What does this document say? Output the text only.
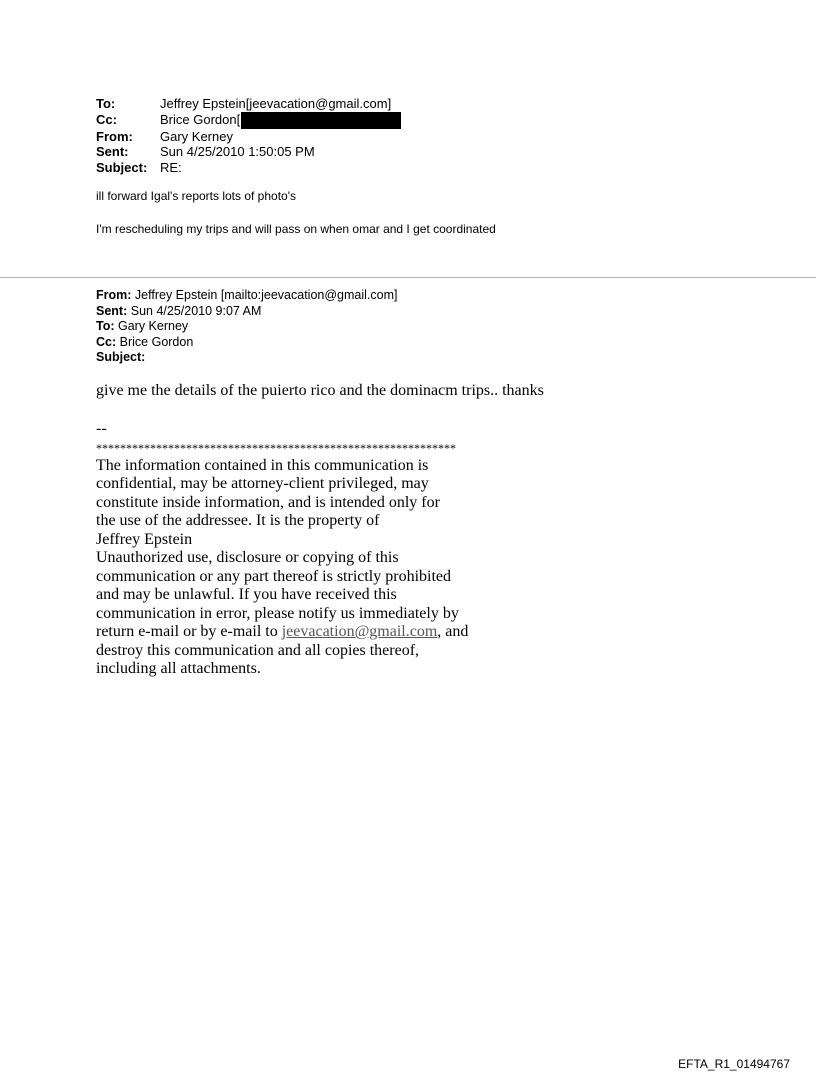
To:	Jeffrey Epstein[jeevacation@gmail.com]
Cc:	Brice Gordon[
From:	Gary Kerney
Sent:	Sun 4/25/2010 1:50:05 PM
Subject: RE:
ill forward Igal's reports lots of photo's
I'm rescheduling my trips and will pass on when omar and I get coordinated
From: Jeffrey Epstein [mailto:jeevacation@gmail.com]
Sent: Sun 4/25/2010 9:07 AM
To: Gary Kerney
Cc: Brice Gordon
Subject:
give me the details of the puierto rico and the dominacm trips.. thanks
--
************************************************************
The information contained in this communication is
confidential, may be attorney-client privileged, may
constitute inside information, and is intended only for
the use of the addressee. It is the property of
Jeffrey Epstein
Unauthorized use, disclosure or copying of this
communication or any part thereof is strictly prohibited
and may be unlawful. If you have received this
communication in error, please notify us immediately by
return e-mail or by e-mail to jeevacation@gmail.com, and
destroy this communication and all copies thereof,
including all attachments.
EFTA_R1_01494767
